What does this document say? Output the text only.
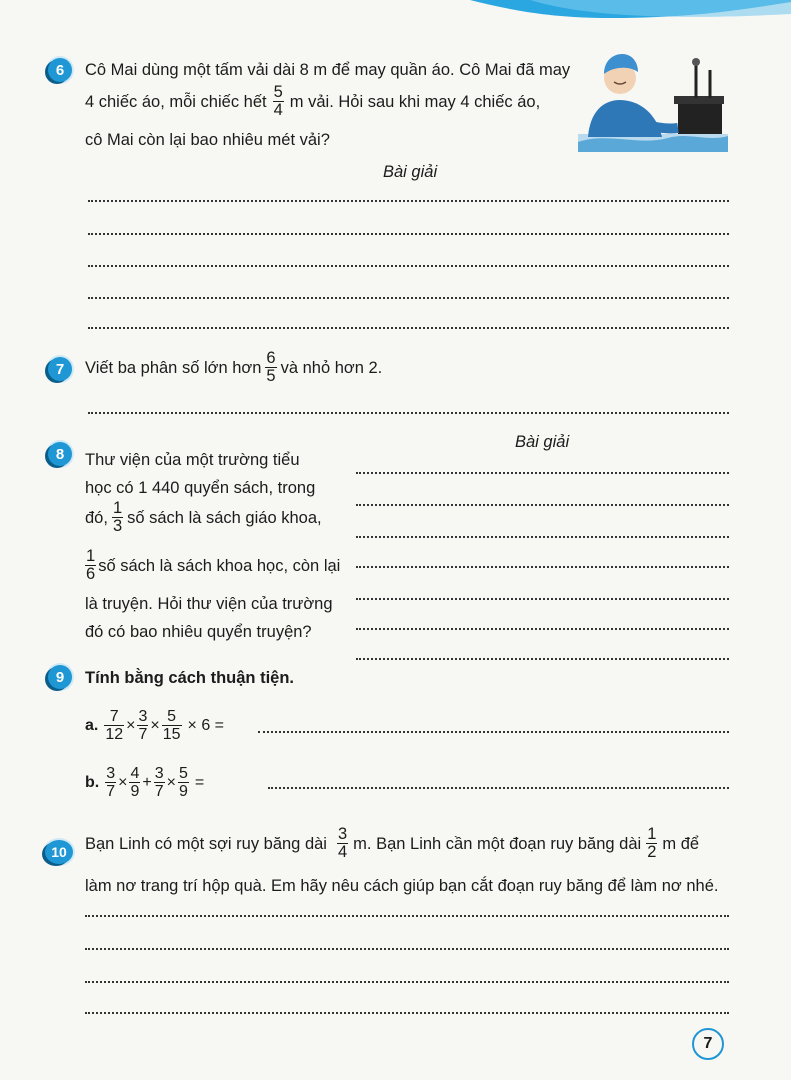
6 Cô Mai dùng một tấm vải dài 8 m để may quần áo. Cô Mai đã may
4 chiếc áo, mỗi chiếc hết $\frac{5}{4}$ m vải. Hỏi sau khi may 4 chiếc áo,
cô Mai còn lại bao nhiêu mét vải?
Bài giải
7 Viết ba phân số lớn hơn $\frac{6}{5}$ và nhỏ hơn 2.
8 Thư viện của một trường tiểu
học có 1 440 quyển sách, trong
đó, $\frac{1}{3}$ số sách là sách giáo khoa,
$\frac{1}{6}$ số sách là sách khoa học, còn lại
là truyện. Hỏi thư viện của trường
đó có bao nhiêu quyển truyện?
Bài giải
9 Tính bằng cách thuận tiện.
a. $\frac{7}{12} \times \frac{3}{7} \times \frac{5}{15} \times 6$ =
b. $\frac{3}{7} \times \frac{4}{9} + \frac{3}{7} \times \frac{5}{9}$ =
10 Bạn Linh có một sợi ruy băng dài $\frac{3}{4} m$. Bạn Linh cần một đoạn ruy băng dài $\frac{1}{2}$ m để
làm nơ trang trí hộp quà. Em hãy nêu cách giúp bạn cắt đoạn ruy băng để làm nơ nhé.
7
